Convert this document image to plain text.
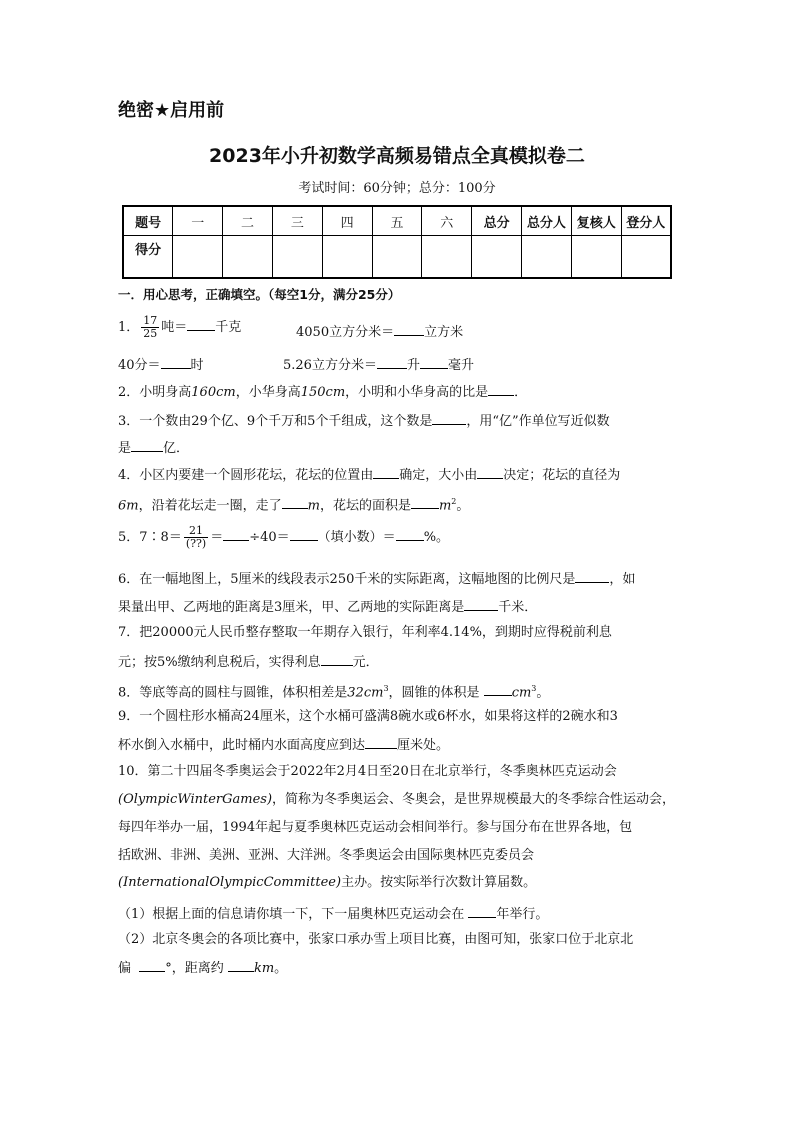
绝密★启用前
2023年小升初数学高频易错点全真模拟卷二
考试时间：60分钟；总分：100分
题号	一	二	三	四	五	六	总分	总分人	复核人	登分人
得分										
一．用心思考，正确填空。（每空1分，满分25分）
1． $\frac{17}{25}$ 吨＝ 千克	4050立方分米＝ 立方米
40分＝ 时	5.26立方分米＝ 升 毫升
2．小明身高160cm，小华身高150cm，小明和小华身高的比是 ．
3．一个数由29个亿、9个千万和5个千组成，这个数是	，用“亿”作单位写近似数
是 亿．
4．小区内要建一个圆形花坛，花坛的位置由 确定，大小由 决定；花坛的直径为
6m，沿着花坛走一圈，走了 m，花坛的面积是 $m^2$。
5．7∶8＝ $\frac{21}{(??)} = \div 40=$ （填小数）＝ %。
6．在一幅地图上，5厘米的线段表示250千米的实际距离，这幅地图的比例尺是	，如
果量出甲、乙两地的距离是3厘米，甲、乙两地的实际距离是	千米．
7．把20000元人民币整存整取一年期存入银行，年利率4.14%，到期时应得税前利息
元；按5%缴纳利息税后，实得利息 元．
8．等底等高的圆柱与圆锥，体积相差是$32cm^3$，圆锥的体积是 $cm^3$。
9．一个圆柱形水桶高24厘米，这个水桶可盛满8碗水或6杯水，如果将这样的2碗水和3
杯水倒入水桶中，此时桶内水面高度应到达 厘米处。
10．第二十四届冬季奥运会于2022年2月4日至20日在北京举行，冬季奥林匹克运动会
(OlympicWinterGames)，简称为冬季奥运会、冬奥会，是世界规模最大的冬季综合性运动会，
每四年举办一届，1994年起与夏季奥林匹克运动会相间举行。参与国分布在世界各地，包
括欧洲、非洲、美洲、亚洲、大洋洲。冬季奥运会由国际奥林匹克委员会
(InternationalOlympicCommittee)主办。按实际举行次数计算届数。
（1）根据上面的信息请你填一下，下一届奥林匹克运动会在 年举行。
（2）北京冬奥会的各项比赛中，张家口承办雪上项目比赛，由图可知，张家口位于北京北
偏	°，距离约 km。
